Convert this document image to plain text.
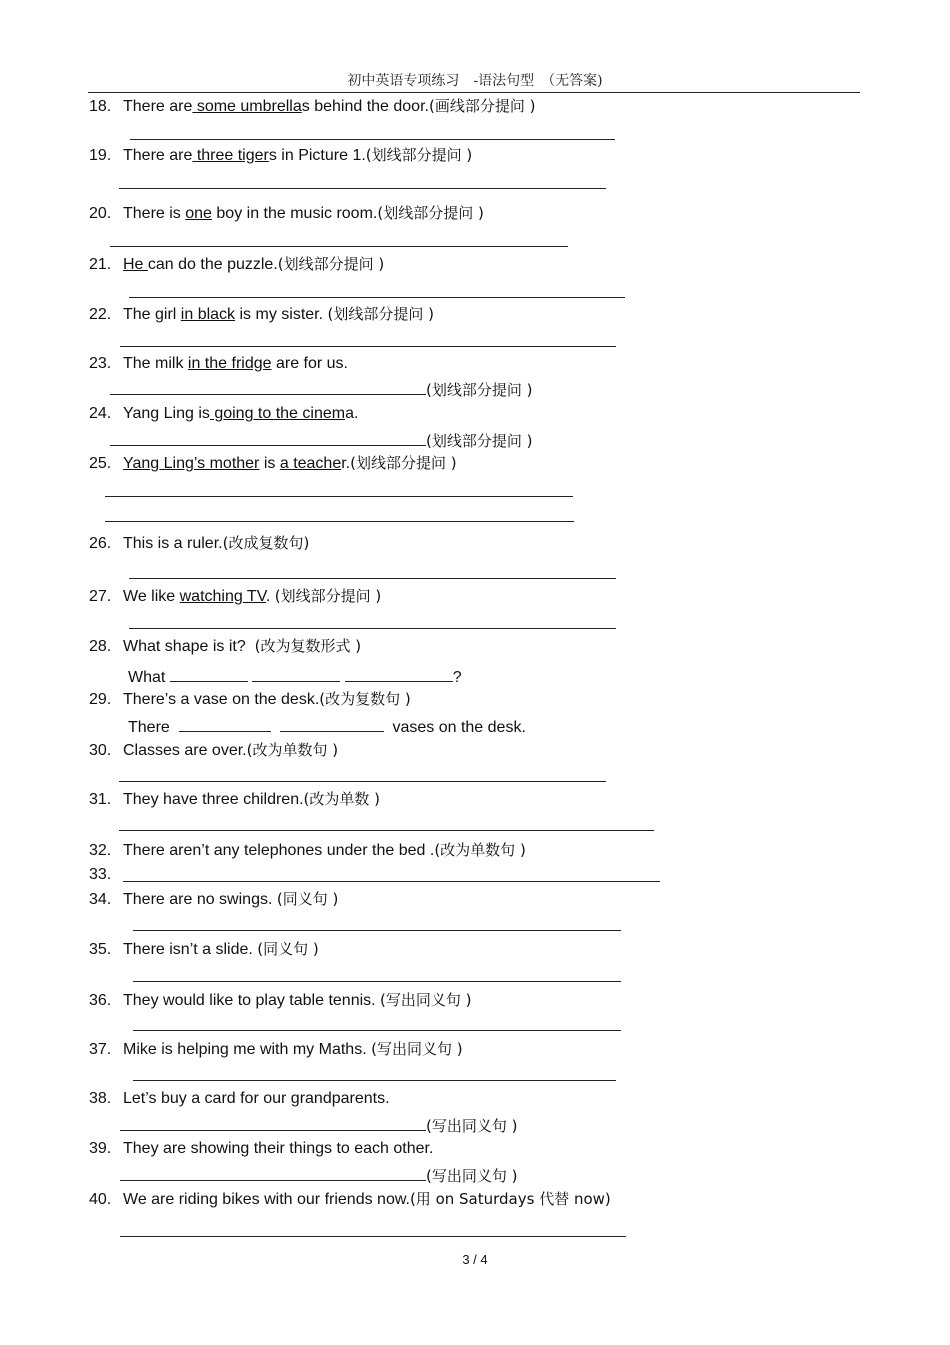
初中英语专项练习　-语法句型　（无答案)
18. There are some umbrellas behind the door.(画线部分提问 )
19. There are three tigers in Picture 1.(划线部分提问 )
20. There is one boy in the music room.(划线部分提问 )
21. He can do the puzzle.(划线部分提问 )
22. The girl in black is my sister. (划线部分提问 )
23. The milk in the fridge are for us.
(划线部分提问 )
24. Yang Ling is going to the cinema.
(划线部分提问 )
25. Yang Ling’s mother is a teacher.(划线部分提问 )
26. This is a ruler.(改成复数句)
27. We like watching TV. (划线部分提问 )
28. What shape is it? (改为复数形式 )
What	?
29. There’s a vase on the desk.(改为复数句 )
There	vases on the desk.
30. Classes are over.(改为单数句 )
31. They have three children.(改为单数 )
32. There aren’t any telephones under the bed .(改为单数句 )
33.
34. There are no swings. (同义句 )
35. There isn’t a slide. (同义句 )
36. They would like to play table tennis. (写出同义句 )
37. Mike is helping me with my Maths. (写出同义句 )
38. Let’s buy a card for our grandparents.
(写出同义句 )
39. They are showing their things to each other.
(写出同义句 )
40. We are riding bikes with our friends now.(用 on Saturdays 代替 now)
3 / 4
